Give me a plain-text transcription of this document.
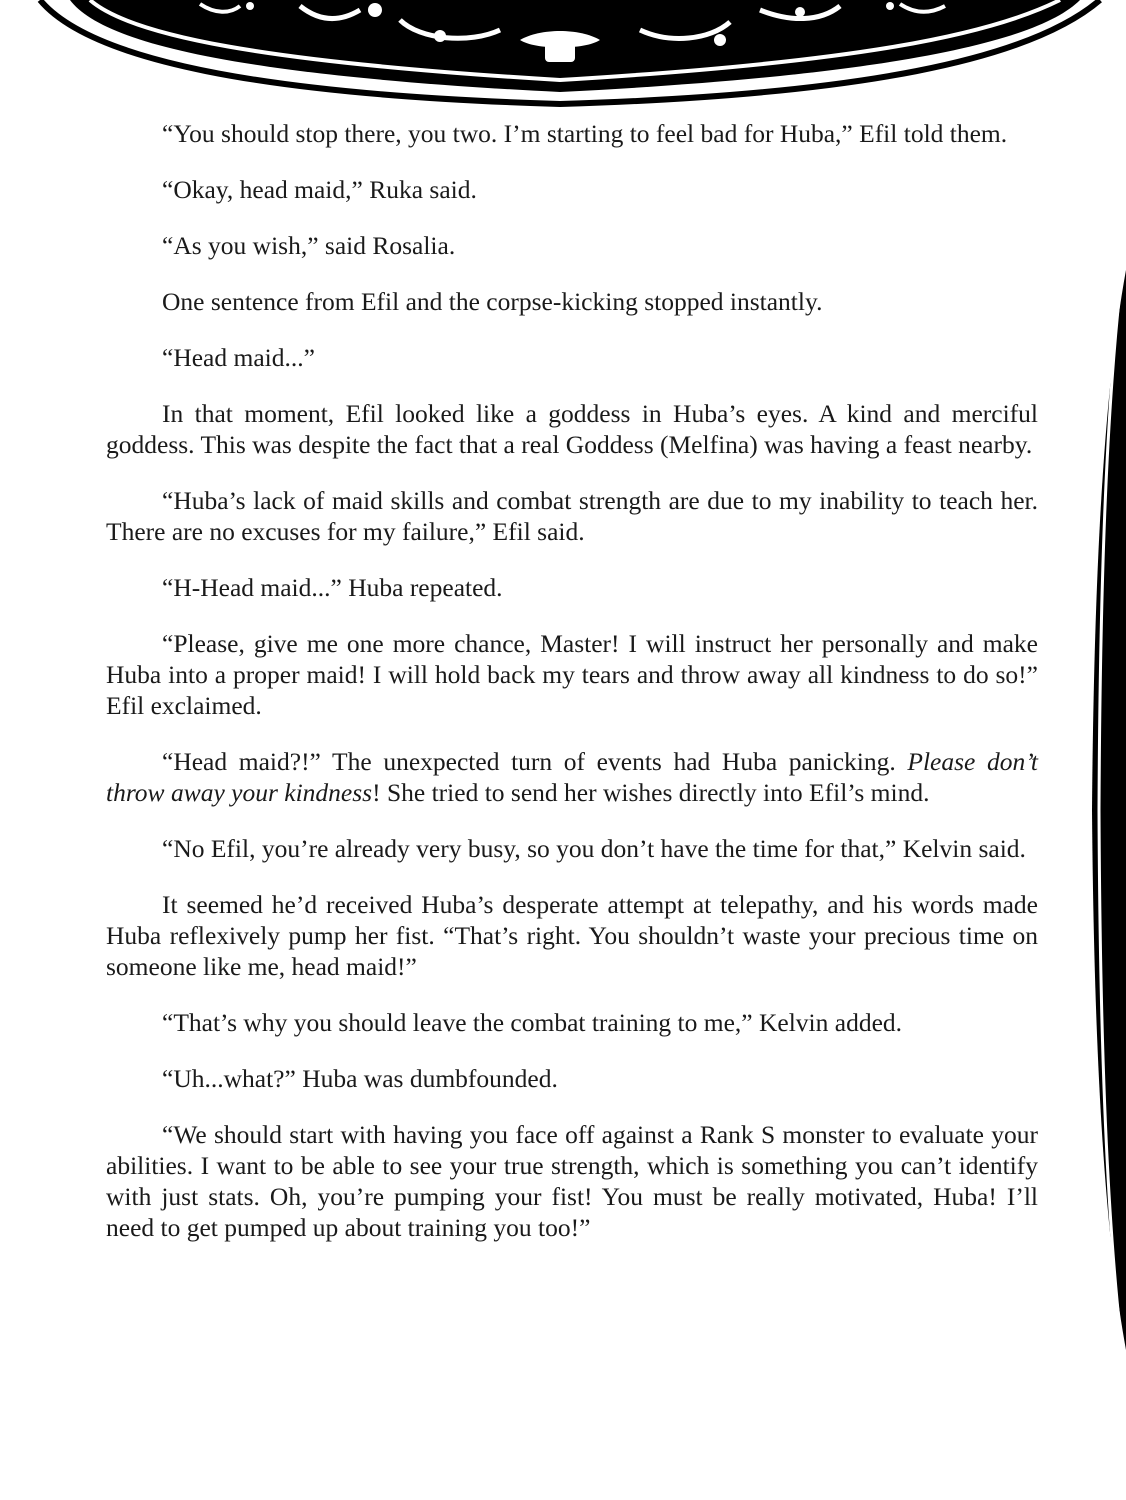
“You should stop there, you two. I’m starting to feel bad for Huba,” Efil told them.

“Okay, head maid,” Ruka said.

“As you wish,” said Rosalia.

One sentence from Efil and the corpse-kicking stopped instantly.

“Head maid...”

In that moment, Efil looked like a goddess in Huba’s eyes. A kind and merciful goddess. This was despite the fact that a real Goddess (Melfina) was having a feast nearby.

“Huba’s lack of maid skills and combat strength are due to my inability to teach her. There are no excuses for my failure,” Efil said.

“H-Head maid...” Huba repeated.

“Please, give me one more chance, Master! I will instruct her personally and make Huba into a proper maid! I will hold back my tears and throw away all kindness to do so!” Efil exclaimed.

“Head maid?!” The unexpected turn of events had Huba panicking. Please don’t throw away your kindness! She tried to send her wishes directly into Efil’s mind.

“No Efil, you’re already very busy, so you don’t have the time for that,” Kelvin said.

It seemed he’d received Huba’s desperate attempt at telepathy, and his words made Huba reflexively pump her fist. “That’s right. You shouldn’t waste your precious time on someone like me, head maid!”

“That’s why you should leave the combat training to me,” Kelvin added.

“Uh...what?” Huba was dumbfounded.

“We should start with having you face off against a Rank S monster to evaluate your abilities. I want to be able to see your true strength, which is something you can’t identify with just stats. Oh, you’re pumping your fist! You must be really motivated, Huba! I’ll need to get pumped up about training you too!”
